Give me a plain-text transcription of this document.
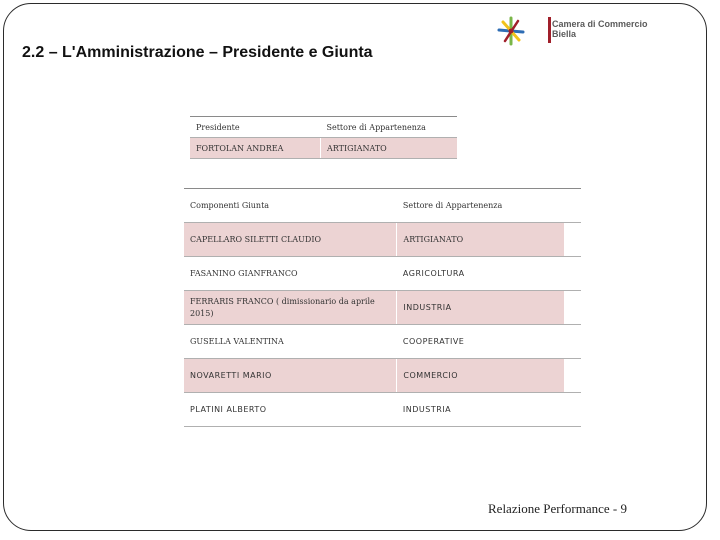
2.2 – L'Amministrazione – Presidente e Giunta
Camera di Commercio
Biella
Presidente	Settore di Appartenenza
FORTOLAN ANDREA	ARTIGIANATO
Componenti Giunta	Settore di Appartenenza	
CAPELLARO SILETTI CLAUDIO	ARTIGIANATO	
FASANINO GIANFRANCO	AGRICOLTURA	
FERRARIS FRANCO ( dimissionario da aprile 2015)	INDUSTRIA	
GUSELLA VALENTINA	COOPERATIVE	
NOVARETTI MARIO	COMMERCIO	
PLATINI ALBERTO	INDUSTRIA	
Relazione Performance - 9
